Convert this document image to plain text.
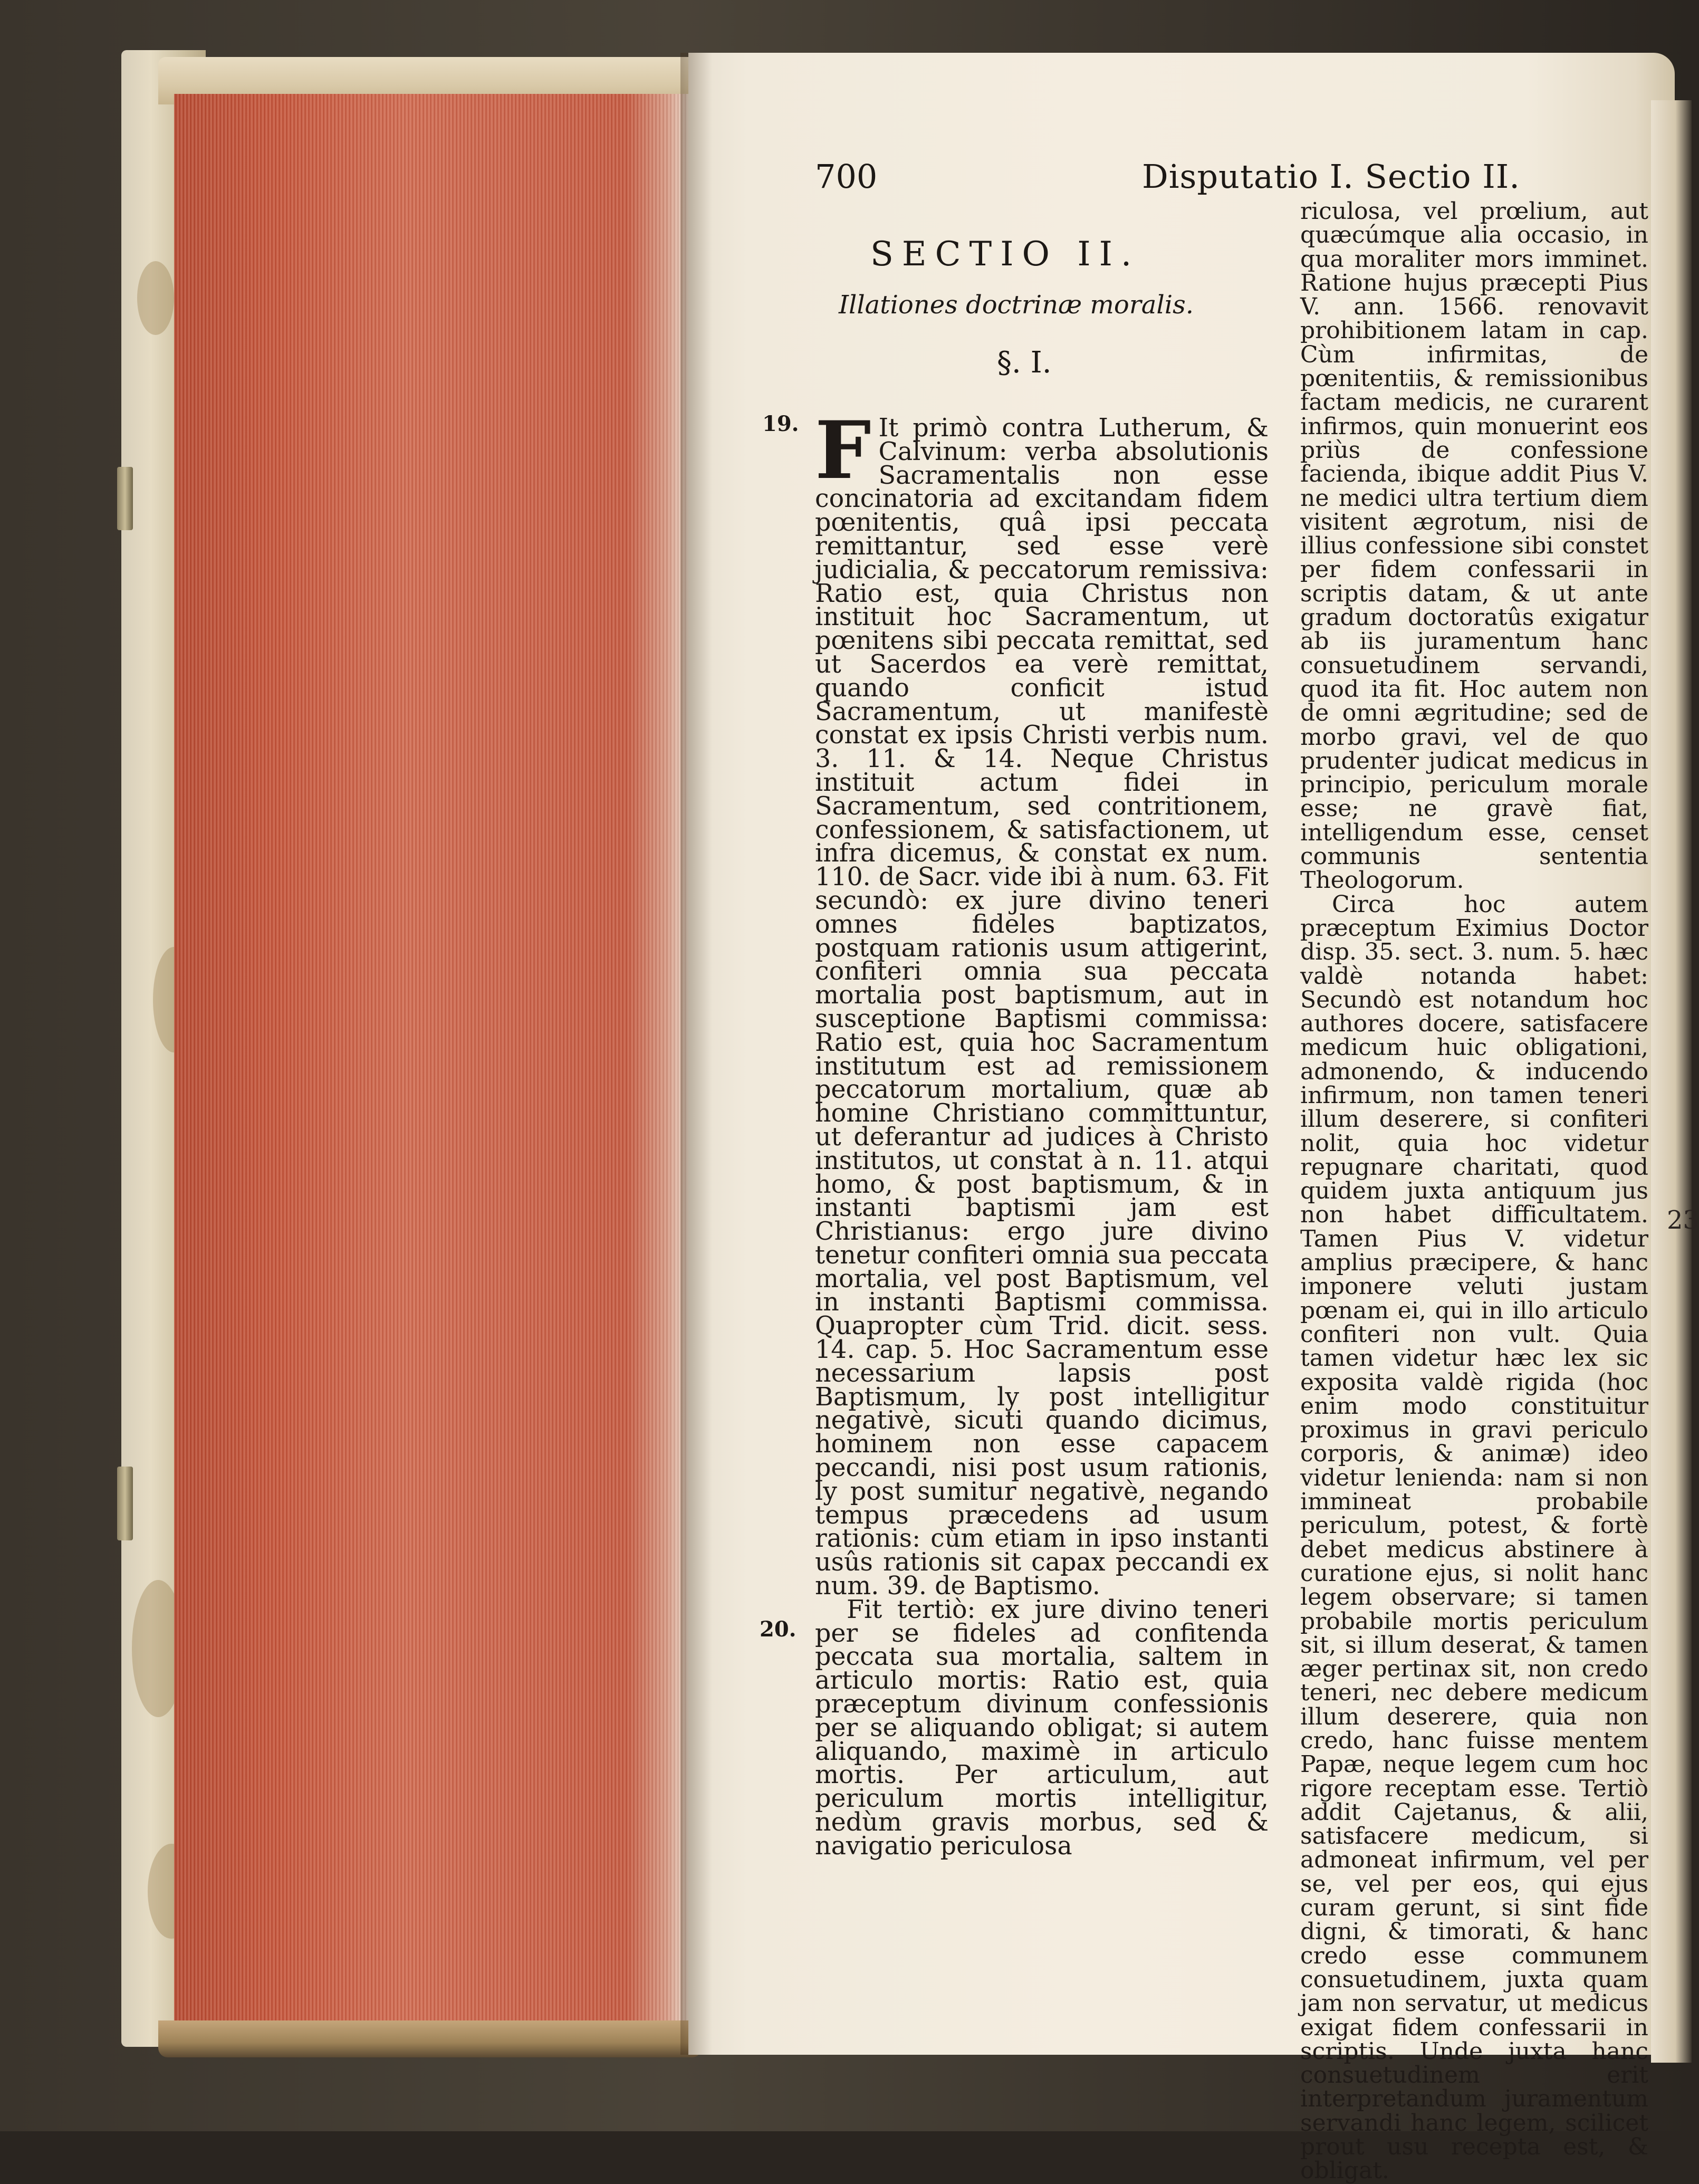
23
700	Disputatio I. Sectio II.
SECTIO II.
Illationes doctrinæ moralis.
§. I.
19.
20.

F It primò contra Lutherum, & Calvinum: verba absolutionis Sacramentalis non esse concinatoria ad excitandam fidem pœnitentis, quâ ipsi peccata remittantur, sed esse verè judicialia, & peccatorum remissiva: Ratio est, quia Christus non instituit hoc Sacramentum, ut pœnitens sibi peccata remittat, sed ut Sacerdos ea verè remittat, quando conficit istud Sacramentum, ut manifestè constat ex ipsis Christi verbis num. 3. 11. & 14. Neque Christus instituit actum fidei in Sacramentum, sed contritionem, confessionem, & satisfactionem, ut infra dicemus, & constat ex num. 110. de Sacr. vide ibi à num. 63. Fit secundò: ex jure divino teneri omnes fideles baptizatos, postquam rationis usum attigerint, confiteri omnia sua peccata mortalia post baptismum, aut in susceptione Baptismi commissa: Ratio est, quia hoc Sacramentum institutum est ad remissionem peccatorum mortalium, quæ ab homine Christiano committuntur, ut deferantur ad judices à Christo institutos, ut constat à n. 11. atqui homo, & post baptismum, & in instanti baptismi jam est Christianus: ergo jure divino tenetur confiteri omnia sua peccata mortalia, vel post Baptismum, vel in instanti Baptismi commissa. Quapropter cùm Trid. dicit. sess. 14. cap. 5. Hoc Sacramentum esse necessarium lapsis post Baptismum, ly post intelligitur negativè, sicuti quando dicimus, hominem non esse capacem peccandi, nisi post usum rationis, ly post sumitur negativè, negando tempus præcedens ad usum rationis: cùm etiam in ipso instanti usûs rationis sit capax peccandi ex num. 39. de Baptismo.

Fit tertiò: ex jure divino teneri per se fideles ad confitenda peccata sua mortalia, saltem in articulo mortis: Ratio est, quia præceptum divinum confessionis per se aliquando obligat; si autem aliquando, maximè in articulo mortis. Per articulum, aut periculum mortis intelligitur, nedùm gravis morbus, sed & navigatio periculosa

riculosa, vel prœlium, aut quæcúmque alia occasio, in qua moraliter mors imminet. Ratione hujus præcepti Pius V. ann. 1566. renovavit prohibitionem latam in cap. Cùm infirmitas, de pœnitentiis, & remissionibus factam medicis, ne curarent infirmos, quin monuerint eos priùs de confessione facienda, ibique addit Pius V. ne medici ultra tertium diem visitent ægrotum, nisi de illius confessione sibi constet per fidem confessarii in scriptis datam, & ut ante gradum doctoratûs exigatur ab iis juramentum hanc consuetudinem servandi, quod ita fit. Hoc autem non de omni ægritudine; sed de morbo gravi, vel de quo prudenter judicat medicus in principio, periculum morale esse; ne gravè fiat, intelligendum esse, censet communis sententia Theologorum.

Circa hoc autem præceptum Eximius Doctor disp. 35. sect. 3. num. 5. hæc valdè notanda habet: Secundò est notandum hoc authores docere, satisfacere medicum huic obligationi, admonendo, & inducendo infirmum, non tamen teneri illum deserere, si confiteri nolit, quia hoc videtur repugnare charitati, quod quidem juxta antiquum jus non habet difficultatem. Tamen Pius V. videtur amplius præcipere, & hanc imponere veluti justam pœnam ei, qui in illo articulo confiteri non vult. Quia tamen videtur hæc lex sic exposita valdè rigida (hoc enim modo constituitur proximus in gravi periculo corporis, & animæ) ideo videtur leniendа: nam si non immineat probabile periculum, potest, & fortè debet medicus abstinere à curatione ejus, si nolit hanc legem observare; si tamen probabile mortis periculum sit, si illum deserat, & tamen æger pertinax sit, non credo teneri, nec debere medicum illum deserere, quia non credo, hanc fuisse mentem Papæ, neque legem cum hoc rigore receptam esse. Tertiò addit Cajetanus, & alii, satisfacere medicum, si admoneat infirmum, vel per se, vel per eos, qui ejus curam gerunt, si sint fide digni, & timorati, & hanc credo esse communem consuetudinem, juxta quam jam non servatur, ut medicus exigat fidem confessarii in scriptis. Unde juxta hanc consuetudinem erit interpretandum juramentum servandi hanc legem, scilicet prout usu recepta est, & obligat.
